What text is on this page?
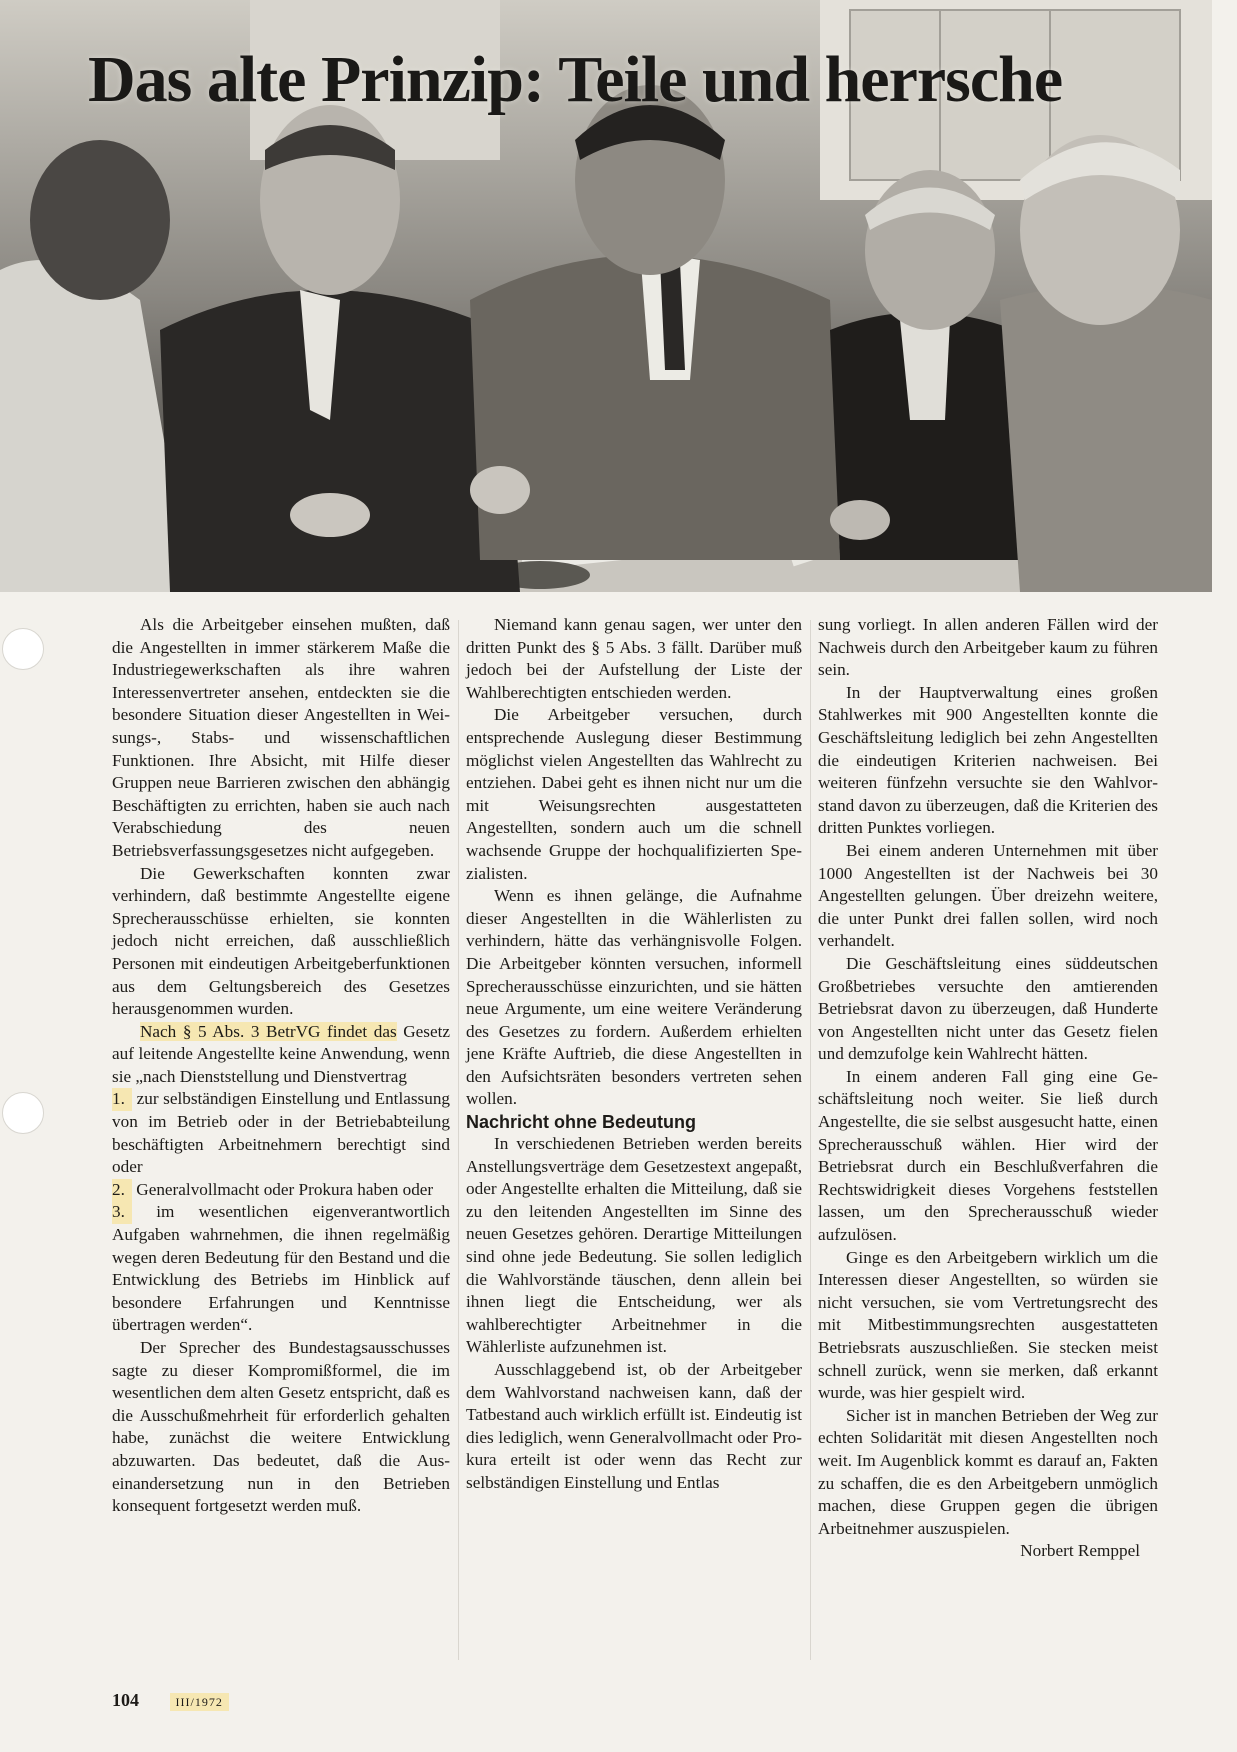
Das alte Prinzip: Teile und herrsche

Als die Arbeitgeber einsehen mußten, daß die Angestellten in immer stärkerem Maße die Industriegewerkschaften als ihre wahren Interessenvertreter ansehen, entdeckten sie die besondere Situation dieser Angestellten in Weisungs-, Stabs- und wissenschaftlichen Funktionen. Ihre Absicht, mit Hilfe dieser Gruppen neue Barrieren zwischen den abhängig Beschäftigten zu errichten, haben sie auch nach Verabschiedung des neuen Betriebsverfassungsgesetzes nicht aufgegeben.

Die Gewerkschaften konnten zwar verhindern, daß bestimmte Angestellte eigene Sprecherausschüsse erhielten, sie konnten jedoch nicht erreichen, daß ausschließlich Personen mit eindeutigen Arbeitgeberfunktionen aus dem Geltungsbereich des Gesetzes herausgenommen wurden.

Nach § 5 Abs. 3 BetrVG findet das Gesetz auf leitende Angestellte keine Anwendung, wenn sie „nach Dienststellung und Dienstvertrag

1. zur selbständigen Einstellung und Entlassung von im Betrieb oder in der Betriebabteilung beschäftigten Arbeitnehmern berechtigt sind oder

2. Generalvollmacht oder Prokura haben oder

3. im wesentlichen eigenverantwortlich Aufgaben wahrnehmen, die ihnen regelmäßig wegen deren Bedeutung für den Bestand und die Entwicklung des Betriebs im Hinblick auf besondere Erfahrungen und Kenntnisse übertragen werden“.

Der Sprecher des Bundestagsausschusses sagte zu dieser Kompromißformel, die im wesentlichen dem alten Gesetz entspricht, daß es die Ausschußmehrheit für erforderlich gehalten habe, zunächst die weitere Entwicklung abzuwarten. Das bedeutet, daß die Auseinandersetzung nun in den Betrieben konsequent fortgesetzt werden muß.

Niemand kann genau sagen, wer unter den dritten Punkt des § 5 Abs. 3 fällt. Darüber muß jedoch bei der Aufstellung der Liste der Wahlberechtigten entschieden werden.

Die Arbeitgeber versuchen, durch entsprechende Auslegung dieser Bestimmung möglichst vielen Angestellten das Wahlrecht zu entziehen. Dabei geht es ihnen nicht nur um die mit Weisungsrechten ausgestatteten Angestellten, sondern auch um die schnell wachsende Gruppe der hochqualifizierten Spezialisten.

Wenn es ihnen gelänge, die Aufnahme dieser Angestellten in die Wählerlisten zu verhindern, hätte das verhängnisvolle Folgen. Die Arbeitgeber könnten versuchen, informell Sprecherausschüsse einzurichten, und sie hätten neue Argumente, um eine weitere Veränderung des Gesetzes zu fordern. Außerdem erhielten jene Kräfte Auftrieb, die diese Angestellten in den Aufsichtsräten besonders vertreten sehen wollen.

Nachricht ohne Bedeutung

In verschiedenen Betrieben werden bereits Anstellungsverträge dem Gesetzestext angepaßt, oder Angestellte erhalten die Mitteilung, daß sie zu den leitenden Angestellten im Sinne des neuen Gesetzes gehören. Derartige Mitteilungen sind ohne jede Bedeutung. Sie sollen lediglich die Wahlvorstände täuschen, denn allein bei ihnen liegt die Entscheidung, wer als wahlberechtigter Arbeitnehmer in die Wählerliste aufzunehmen ist.

Ausschlaggebend ist, ob der Arbeitgeber dem Wahlvorstand nachweisen kann, daß der Tatbestand auch wirklich erfüllt ist. Eindeutig ist dies lediglich, wenn Generalvollmacht oder Prokura erteilt ist oder wenn das Recht zur selbständigen Einstellung und Entlas

sung vorliegt. In allen anderen Fällen wird der Nachweis durch den Arbeitgeber kaum zu führen sein.

In der Hauptverwaltung eines großen Stahlwerkes mit 900 Angestellten konnte die Geschäftsleitung lediglich bei zehn Angestellten die eindeutigen Kriterien nachweisen. Bei weiteren fünfzehn versuchte sie den Wahlvorstand davon zu überzeugen, daß die Kriterien des dritten Punktes vorliegen.

Bei einem anderen Unternehmen mit über 1000 Angestellten ist der Nachweis bei 30 Angestellten gelungen. Über dreizehn weitere, die unter Punkt drei fallen sollen, wird noch verhandelt.

Die Geschäftsleitung eines süddeutschen Großbetriebes versuchte den amtierenden Betriebsrat davon zu überzeugen, daß Hunderte von Angestellten nicht unter das Gesetz fielen und demzufolge kein Wahlrecht hätten.

In einem anderen Fall ging eine Geschäftsleitung noch weiter. Sie ließ durch Angestellte, die sie selbst ausgesucht hatte, einen Sprecherausschuß wählen. Hier wird der Betriebsrat durch ein Beschlußverfahren die Rechtswidrigkeit dieses Vorgehens feststellen lassen, um den Sprecherausschuß wieder aufzulösen.

Ginge es den Arbeitgebern wirklich um die Interessen dieser Angestellten, so würden sie nicht versuchen, sie vom Vertretungsrecht des mit Mitbestimmungsrechten ausgestatteten Betriebsrats auszuschließen. Sie stecken meist schnell zurück, wenn sie merken, daß erkannt wurde, was hier gespielt wird.

Sicher ist in manchen Betrieben der Weg zur echten Solidarität mit diesen Angestellten noch weit. Im Augenblick kommt es darauf an, Fakten zu schaffen, die es den Arbeitgebern unmöglich machen, diese Gruppen gegen die übrigen Arbeitnehmer auszuspielen.

Norbert Remppel

104	III/1972
